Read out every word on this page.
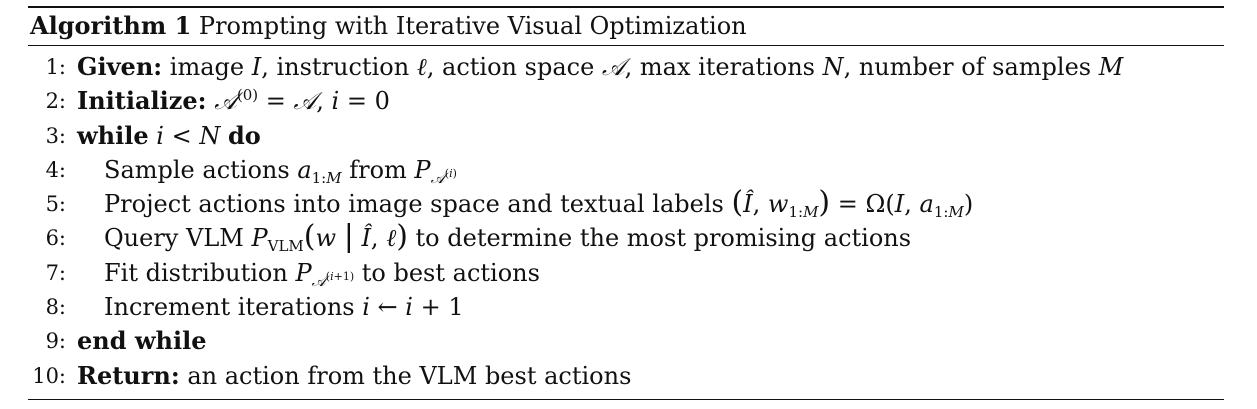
Algorithm 1 Prompting with Iterative Visual Optimization
1: Given: image I, instruction ℓ, action space 𝒜, max iterations N, number of samples M
2: Initialize: 𝒜$^{(0)}$ = 𝒜, i = 0
3: while i < N do
4: Sample actions $a_{1:M}$ from $P_{𝒜^{(i)}}$
5: Project actions into image space and textual labels (Î, $w_{1:M}) = \Omega(I$, $a_{1:M}$)
6: Query VLM $P_{VLM}(w$ | Î, ℓ) to determine the most promising actions
7: Fit distribution $P_{𝒜^{(i+1)}}$ to best actions
8: Increment iterations i ← i + 1
9: end while
10: Return: an action from the VLM best actions
